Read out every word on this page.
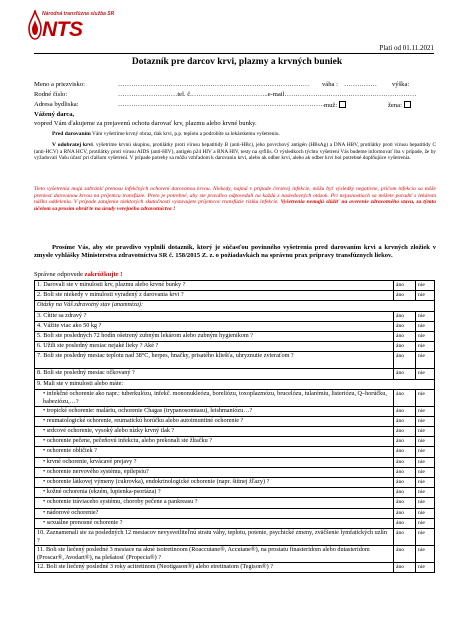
Národná transfúzna služba SR
NTS
Platí od 01.11.2021
Dotazník pre darcov krvi, plazmy a krvných buniek
Meno a priezvisko:	…………………………………………………………………………… váha : …………… výška:
Rodné číslo:	………………………tel. č.……………………………..e-mail……………………………………………………
Adresa bydliska:	…………………………………………………………………………………..
muž:	žena:
Vážený darca,
vopred Vám ďakujeme za prejavenú ochotu darovať krv, plazmu alebo krvné bunky.
Pred darovaním Vám vyšetríme krvný obraz, tlak krvi, p.p. teplotu a podrobíte sa lekárskemu vyšetreniu.
V odobratej krvi. vyšetríme krvnú skupinu, protilátky proti vírusu hepatitídy B (anti-HBc), jeho povrchový antigén (HBsAg) a DNA HBV, protilátky proti vírusu hepatitídy C (anti-HCV) a RNA HCV, protilátky proti vírusu AIDS (anti-HIV), antigén p24 HIV a RNA HIV, testy na syfilis. O výsledkoch týchto vyšetrení Vás budeme informovať iba v prípade, že by vyžadovali Vašu účasť pri ďalšom vyšetrení. V prípade potreby sa môžu vzhľadom k darovaniu krvi, alebo ak odber krvi, alebo ak odber krvi bol potrebné doplňujúce vyšetrenia.
Tieto vyšetrenia majú zabrániť prenosu infekčných ochorení darovanou krvou. Niekedy, najmä v prípade čerstvej infekcie, môžu byť výsledky negatívne, pričom infekcia sa môže preniesť darovanou krvou na príjemcu transfúzie. Preto je potrebné, aby ste pravdivo odpovedali na každú z nasledovných otázok. Pri nejasnostiach sa môžete poradiť s lekárom nášho oddelenia. V prípade zatajenia niektorých skutočností vystavujete príjemcov transfúzie riziku infekcie. Vyšetrenia nemajú slúžiť na overenie zdravotného stavu, za týmto účelom sa prosím obráťte na úrady verejného zdravotníctva !
Prosíme Vás, aby ste pravdivo vyplnili dotazník, ktorý je súčasťou povinného vyšetrenia pred darovaním krvi a krvných zložiek v zmysle vyhlášky Ministerstva zdravotníctva SR č. 158/2015 Z. z. o požiadavkách na správnu prax prípravy transfúznych liekov.
Správne odpovede zakrúžkujte !
1. Darovali ste v minulosti krv, plazmu alebo krvné bunky ?	áno	nie
2. Boli ste niekedy v minulosti vyradený z darovania krvi ?	áno	nie
Otázky na Váš zdravotný stav (anamnéza):		
3. Cítite sa zdravý ?	áno	nie
4. Vážite viac ako 50 kg ?	áno	nie
5. Boli ste posledných 72 hodín ošetrený zubným lekárom alebo zubným hygienikom ?	áno	nie
6. Užili ste posledný mesiac nejaké lieky ? Aké ?	áno	nie
7. Boli ste posledný mesiac teplotu nad 38°C, herpes, hnačky, prisatého kliešťa, uhryznutie zvieraťom ?	áno	nie
8. Boli ste posledný mesiac očkovaný ?	áno	nie
9. Mali ste v minulosti alebo máte:		
• infekčné ochorenie ako napr.: tuberkulózu, infekč. mononukleózu, boreliózu, toxoplazmózu, brucelózu, tularémiu, listeriózu, Q–horúčku, babeziózu,…?	áno	nie
• tropické ochorenie: maláriu, ochorenie Chagas (trypanosomiasu), leishmaniózu…?	áno	nie
• reumatologické ochorenie, reumatickú horúčku alebo autoimunitné ochorenie ?	áno	nie
• srdcové ochorenie, vysoký alebo nízky krvný tlak ?	áno	nie
• ochorenie pečene, pečeňovú infekciu, alebo prekonali ste žltačku ?	áno	nie
• ochorenie obličiek ?	áno	nie
• krvné ochorenie, krvácavé prejavy ?	áno	nie
• ochorenie nervového systému, epilepsiu?	áno	nie
• ochorenie látkovej výmeny (cukrovka), endokrinologické ochorenie (napr. štítnej žľazy) ?	áno	nie
• kožné ochorenia (ekzém, lupienka-psoriáza) ?	áno	nie
• ochorenie tráviaceho systému, choroby pečene a pankreasu ?	áno	nie
• nádorové ochorenie?	áno	nie
• sexuálne prenosné ochorenie ?	áno	nie
10. Zaznamenali ste za posledných 12 mesiacov nevysvetliteľnú stratu váhy, teplotu, potenie, psychické zmeny, zväčšenie lymfatických uzlín ?	áno	nie
11. Boli ste liečený posledné 3 mesiace na akné isotretinoom (Roaccutane®, Accutane®), na prostatu finasteridom alebo dutasteridom (Proscar®, Avodart®), na plešatosť (Propecia®) ?	áno	nie
12. Boli ste liečený posledné 3 roky acitretinom (Neotigason®) alebo etretinatom (Tegison®) ?	áno	nie
